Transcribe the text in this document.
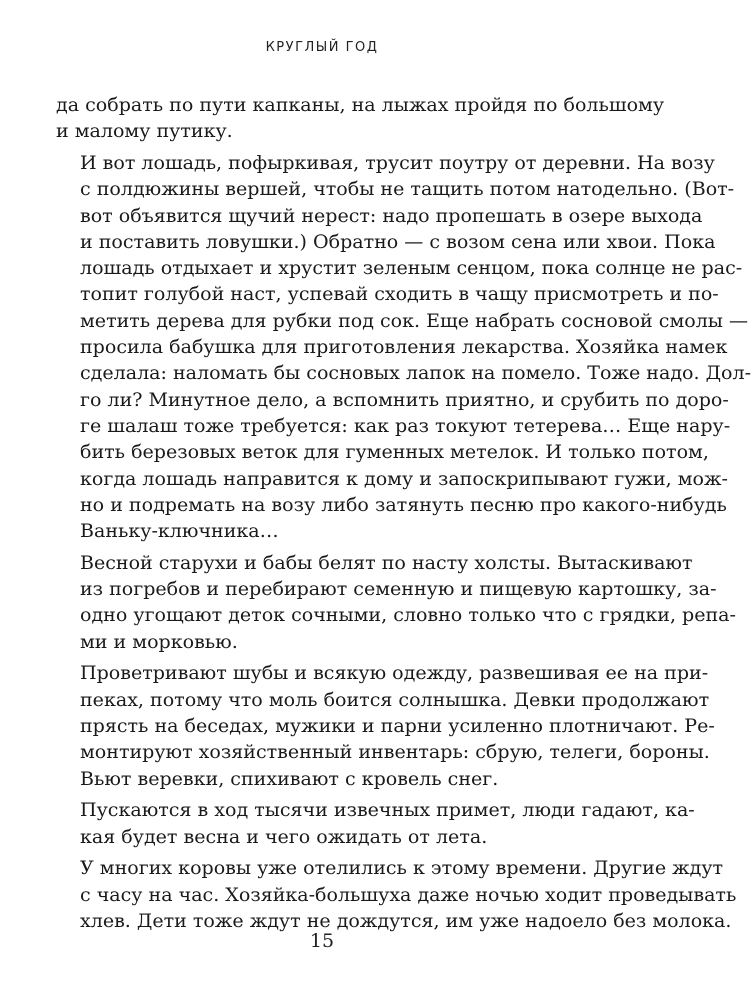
КРУГЛЫЙ ГОД

да собрать по пути капканы, на лыжах пройдя по большому
и малому путику.

И вот лошадь, пофыркивая, трусит поутру от деревни. На возу
с полдюжины вершей, чтобы не тащить потом натодельно. (Вот-
вот объявится щучий нерест: надо пропешать в озере выхода
и поставить ловушки.) Обратно — с возом сена или хвои. Пока
лошадь отдыхает и хрустит зеленым сенцом, пока солнце не рас-
топит голубой наст, успевай сходить в чащу присмотреть и по-
метить дерева для рубки под сок. Еще набрать сосновой смолы —
просила бабушка для приготовления лекарства. Хозяйка намек
сделала: наломать бы сосновых лапок на помело. Тоже надо. Дол-
го ли? Минутное дело, а вспомнить приятно, и срубить по доро-
ге шалаш тоже требуется: как раз токуют тетерева… Еще нару-
бить березовых веток для гуменных метелок. И только потом,
когда лошадь направится к дому и запоскрипывают гужи, мож-
но и подремать на возу либо затянуть песню про какого-нибудь
Ваньку-ключника…

Весной старухи и бабы белят по насту холсты. Вытаскивают
из погребов и перебирают семенную и пищевую картошку, за-
одно угощают деток сочными, словно только что с грядки, репа-
ми и морковью.

Проветривают шубы и всякую одежду, развешивая ее на при-
пеках, потому что моль боится солнышка. Девки продолжают
прясть на беседах, мужики и парни усиленно плотничают. Ре-
монтируют хозяйственный инвентарь: сбрую, телеги, бороны.
Вьют веревки, спихивают с кровель снег.

Пускаются в ход тысячи извечных примет, люди гадают, ка-
кая будет весна и чего ожидать от лета.

У многих коровы уже отелились к этому времени. Другие ждут
с часу на час. Хозяйка-большуха даже ночью ходит проведывать
хлев. Дети тоже ждут не дождутся, им уже надоело без молока.

15
